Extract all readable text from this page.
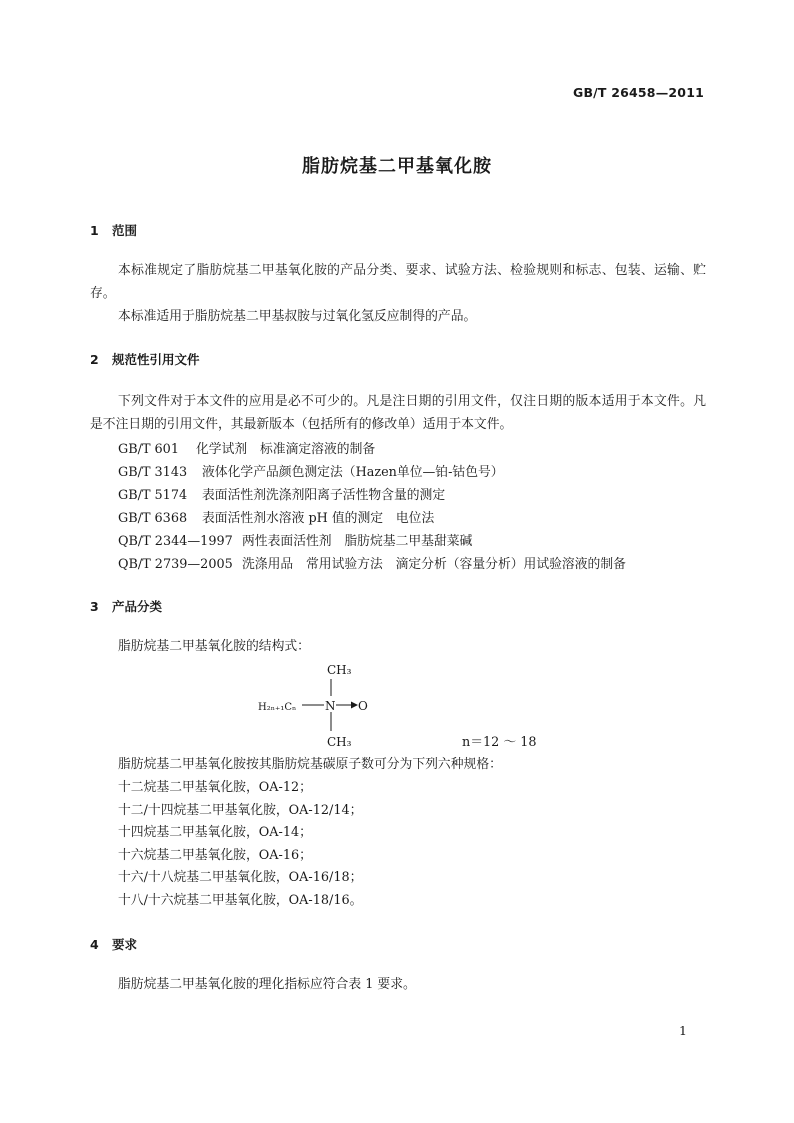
GB/T 26458—2011
脂肪烷基二甲基氧化胺
1 范围
本标准规定了脂肪烷基二甲基氧化胺的产品分类、要求、试验方法、检验规则和标志、包装、运输、贮存。
本标准适用于脂肪烷基二甲基叔胺与过氧化氢反应制得的产品。
2 规范性引用文件
下列文件对于本文件的应用是必不可少的。凡是注日期的引用文件，仅注日期的版本适用于本文件。凡是不注日期的引用文件，其最新版本（包括所有的修改单）适用于本文件。
GB/T 601 化学试剂　标准滴定溶液的制备
GB/T 3143 液体化学产品颜色测定法（Hazen单位—铂-钴色号）
GB/T 5174 表面活性剂洗涤剂阳离子活性物含量的测定
GB/T 6368 表面活性剂水溶液 pH 值的测定　电位法
QB/T 2344—1997 两性表面活性剂　脂肪烷基二甲基甜菜碱
QB/T 2739—2005 洗涤用品　常用试验方法　滴定分析（容量分析）用试验溶液的制备
3 产品分类
脂肪烷基二甲基氧化胺的结构式：
CH₃
H₂ₙ₊₁Cₙ N O
CH₃	n＝12 ～ 18
脂肪烷基二甲基氧化胺按其脂肪烷基碳原子数可分为下列六种规格：
十二烷基二甲基氧化胺，OA-12；
十二/十四烷基二甲基氧化胺，OA-12/14；
十四烷基二甲基氧化胺，OA-14；
十六烷基二甲基氧化胺，OA-16；
十六/十八烷基二甲基氧化胺，OA-16/18；
十八/十六烷基二甲基氧化胺，OA-18/16。
4 要求
脂肪烷基二甲基氧化胺的理化指标应符合表 1 要求。
1
